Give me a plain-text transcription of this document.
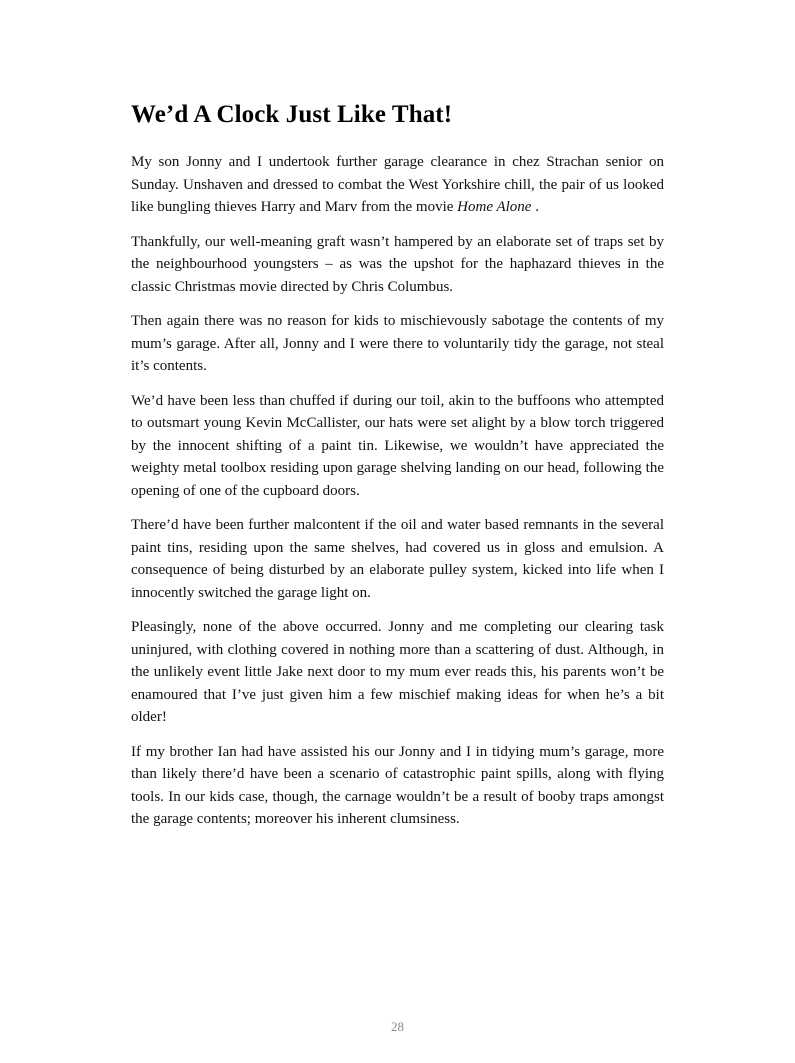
We’d A Clock Just Like That!

My son Jonny and I undertook further garage clearance in chez Strachan senior on Sunday. Unshaven and dressed to combat the West Yorkshire chill, the pair of us looked like bungling thieves Harry and Marv from the movie Home Alone .

Thankfully, our well-meaning graft wasn’t hampered by an elaborate set of traps set by the neighbourhood youngsters – as was the upshot for the haphazard thieves in the classic Christmas movie directed by Chris Columbus.

Then again there was no reason for kids to mischievously sabotage the contents of my mum’s garage. After all, Jonny and I were there to voluntarily tidy the garage, not steal it’s contents.

We’d have been less than chuffed if during our toil, akin to the buffoons who attempted to outsmart young Kevin McCallister, our hats were set alight by a blow torch triggered by the innocent shifting of a paint tin. Likewise, we wouldn’t have appreciated the weighty metal toolbox residing upon garage shelving landing on our head, following the opening of one of the cupboard doors.

There’d have been further malcontent if the oil and water based remnants in the several paint tins, residing upon the same shelves, had covered us in gloss and emulsion. A consequence of being disturbed by an elaborate pulley system, kicked into life when I innocently switched the garage light on.

Pleasingly, none of the above occurred. Jonny and me completing our clearing task uninjured, with clothing covered in nothing more than a scattering of dust. Although, in the unlikely event little Jake next door to my mum ever reads this, his parents won’t be enamoured that I’ve just given him a few mischief making ideas for when he’s a bit older!

If my brother Ian had have assisted his our Jonny and I in tidying mum’s garage, more than likely there’d have been a scenario of catastrophic paint spills, along with flying tools. In our kids case, though, the carnage wouldn’t be a result of booby traps amongst the garage contents; moreover his inherent clumsiness.

28
